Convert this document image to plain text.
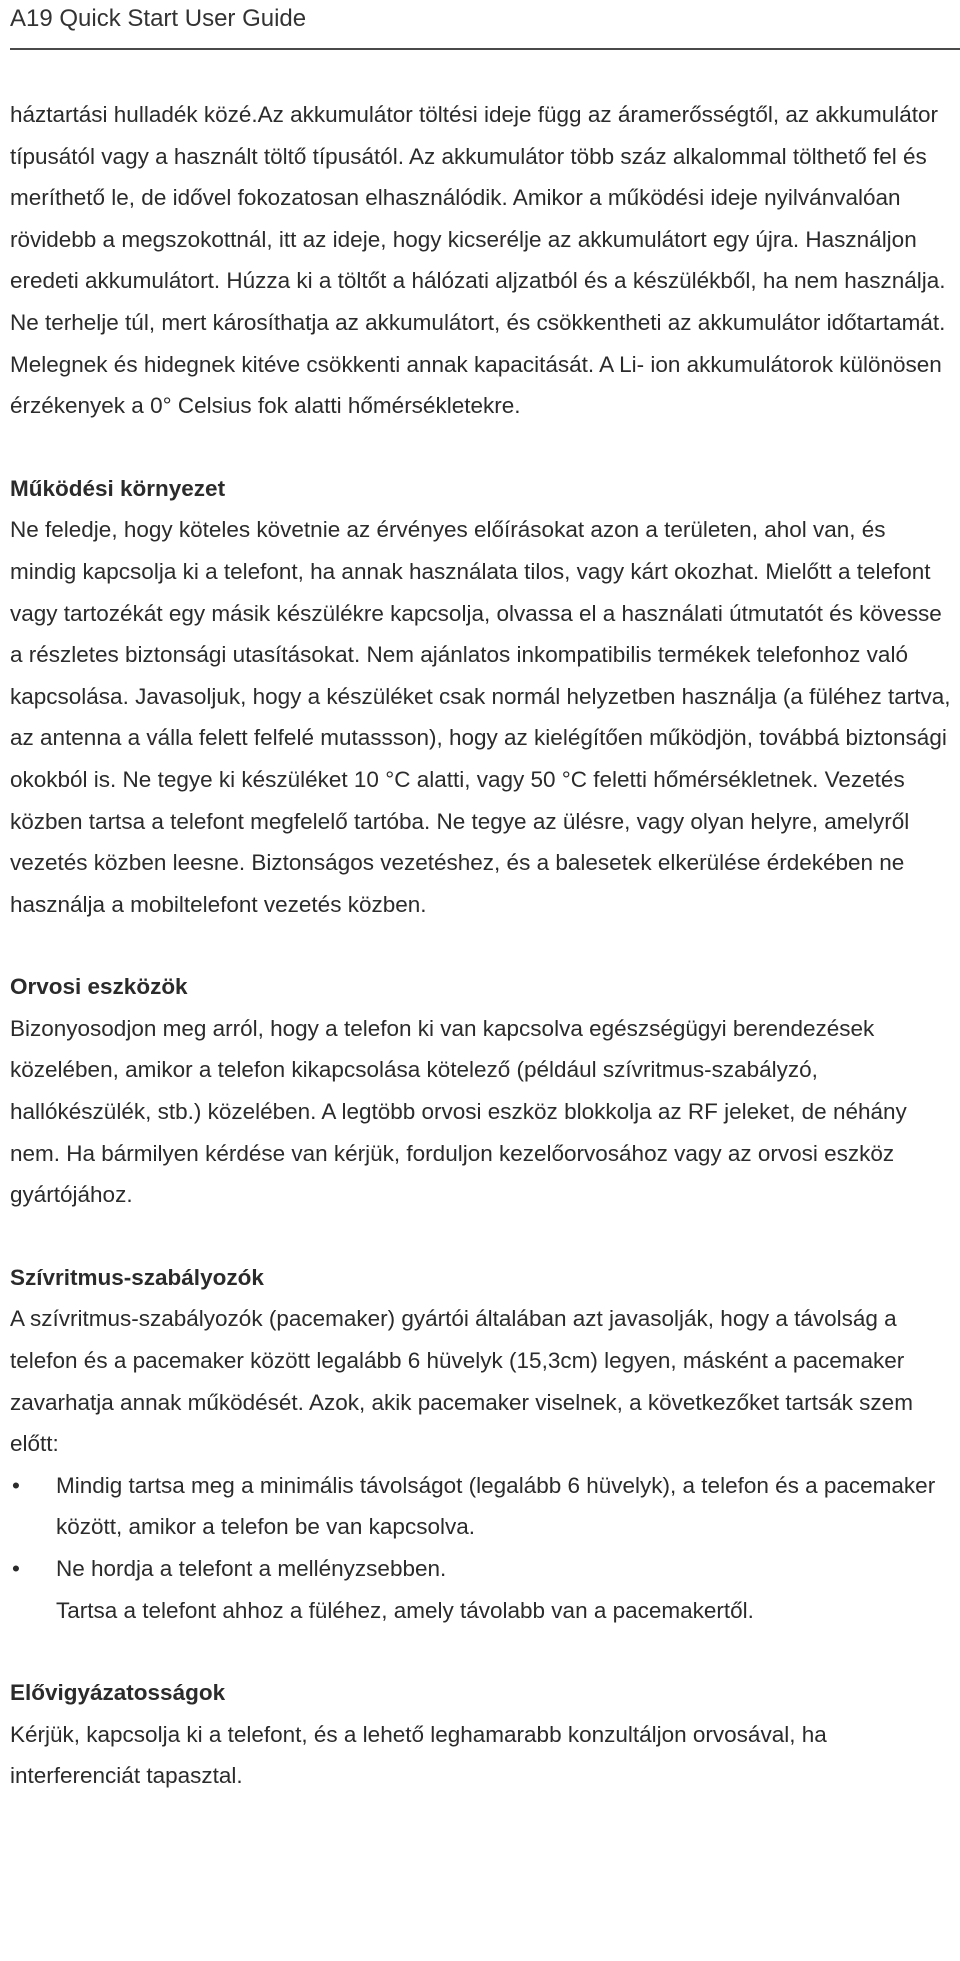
A19 Quick Start User Guide

háztartási hulladék közé.Az akkumulátor töltési ideje függ az áramerősségtől, az akkumulátor típusától vagy a használt töltő típusától. Az akkumulátor több száz alkalommal tölthető fel és meríthető le, de idővel fokozatosan elhasználódik. Amikor a működési ideje nyilvánvalóan rövidebb a megszokottnál, itt az ideje, hogy kicserélje az akkumulátort egy újra. Használjon eredeti akkumulátort. Húzza ki a töltőt a hálózati aljzatból és a készülékből, ha nem használja. Ne terhelje túl, mert károsíthatja az akkumulátort, és csökkentheti az akkumulátor időtartamát. Melegnek és hidegnek kitéve csökkenti annak kapacitását. A Li- ion akkumulátorok különösen érzékenyek a 0° Celsius fok alatti hőmérsékletekre.

Működési környezet

Ne feledje, hogy köteles követnie az érvényes előírásokat azon a területen, ahol van, és mindig kapcsolja ki a telefont, ha annak használata tilos, vagy kárt okozhat. Mielőtt a telefont vagy tartozékát egy másik készülékre kapcsolja, olvassa el a használati útmutatót és kövesse a részletes biztonsági utasításokat. Nem ajánlatos inkompatibilis termékek telefonhoz való kapcsolása. Javasoljuk, hogy a készüléket csak normál helyzetben használja (a füléhez tartva, az antenna a válla felett felfelé mutassson), hogy az kielégítően működjön, továbbá biztonsági okokból is. Ne tegye ki készüléket 10 °C alatti, vagy 50 °C feletti hőmérsékletnek. Vezetés közben tartsa a telefont megfelelő tartóba. Ne tegye az ülésre, vagy olyan helyre, amelyről vezetés közben leesne. Biztonságos vezetéshez, és a balesetek elkerülése érdekében ne használja a mobiltelefont vezetés közben.

Orvosi eszközök

Bizonyosodjon meg arról, hogy a telefon ki van kapcsolva egészségügyi berendezések közelében, amikor a telefon kikapcsolása kötelező (például szívritmus-szabályzó, hallókészülék, stb.) közelében. A legtöbb orvosi eszköz blokkolja az RF jeleket, de néhány nem. Ha bármilyen kérdése van kérjük, forduljon kezelőorvosához vagy az orvosi eszköz gyártójához.

Szívritmus-szabályozók

A szívritmus-szabályozók (pacemaker) gyártói általában azt javasolják, hogy a távolság a telefon és a pacemaker között legalább 6 hüvelyk (15,3cm) legyen, másként a pacemaker zavarhatja annak működését. Azok, akik pacemaker viselnek, a következőket tartsák szem előtt:

• Mindig tartsa meg a minimális távolságot (legalább 6 hüvelyk), a telefon és a pacemaker között, amikor a telefon be van kapcsolva.
• Ne hordja a telefont a mellényzsebben.
Tartsa a telefont ahhoz a füléhez, amely távolabb van a pacemakertől.
Elővigyázatosságok

Kérjük, kapcsolja ki a telefont, és a lehető leghamarabb konzultáljon orvosával, ha interferenciát tapasztal.
